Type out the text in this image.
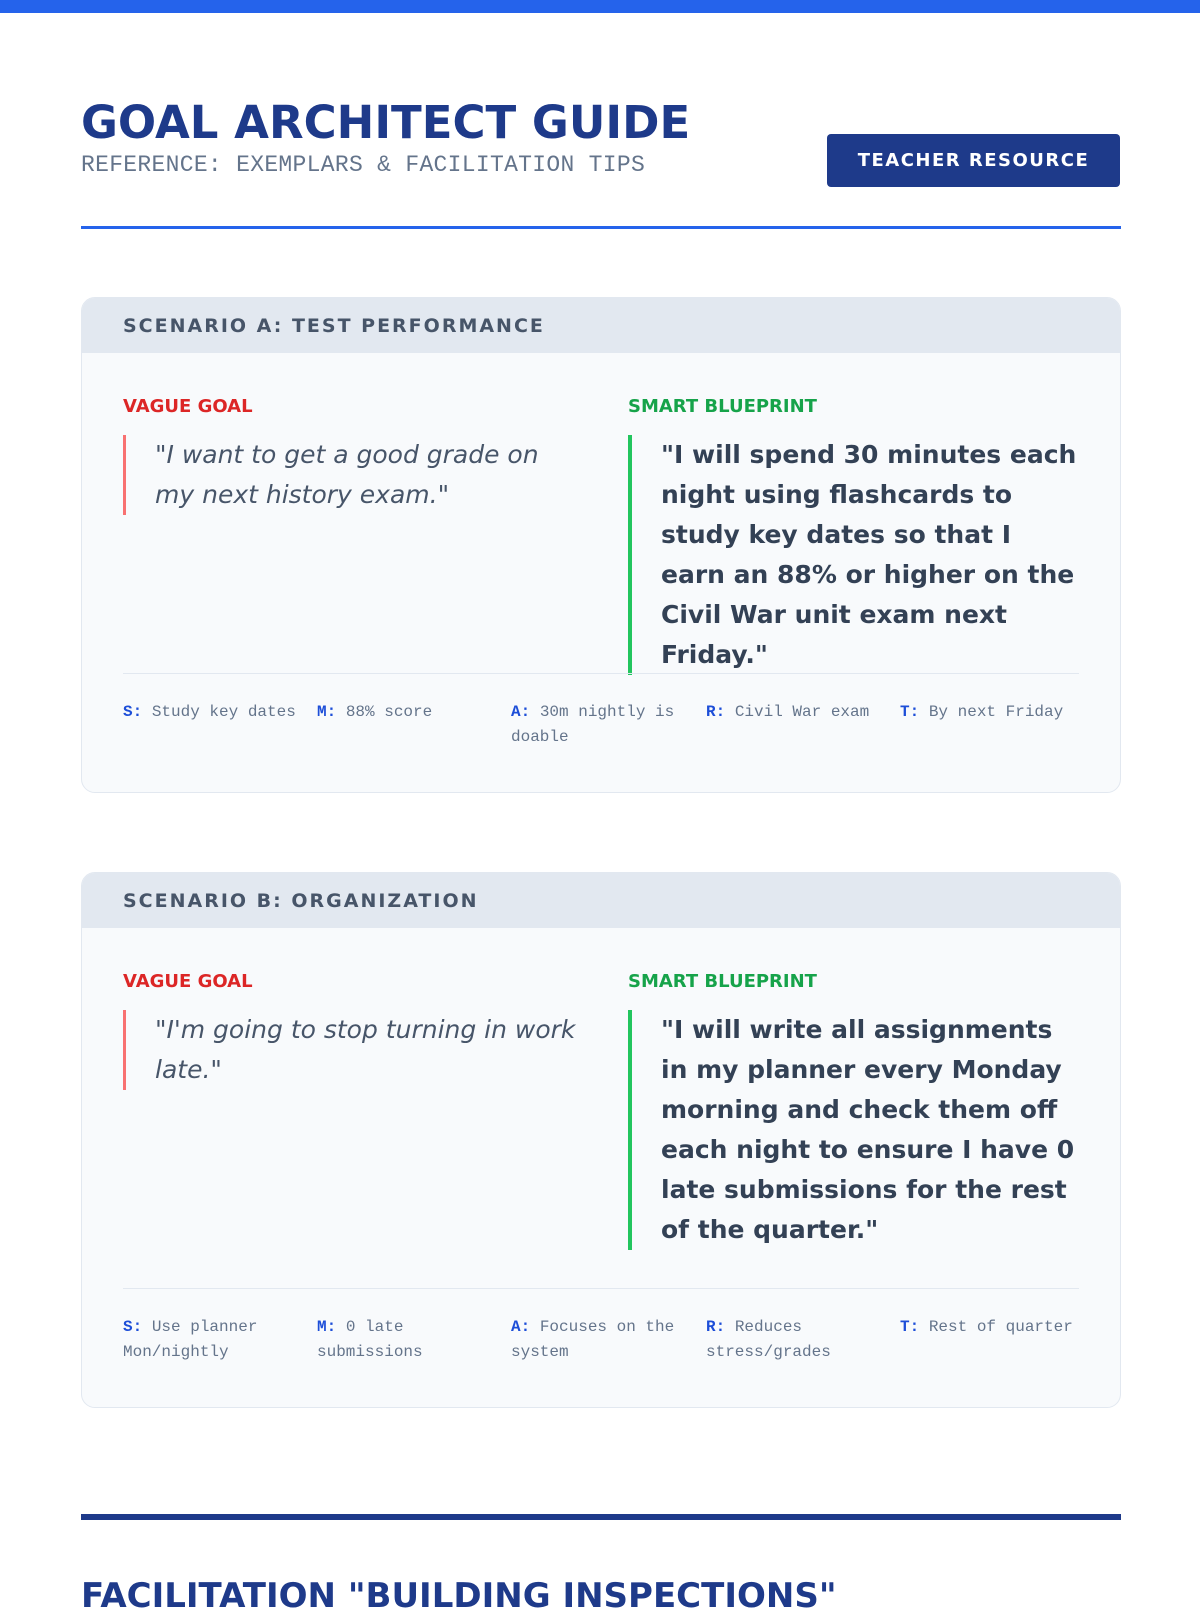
GOAL ARCHITECT GUIDE
REFERENCE: EXEMPLARS & FACILITATION TIPS	TEACHER RESOURCE
SCENARIO A: TEST PERFORMANCE
VAGUE GOAL	SMART BLUEPRINT
"I want to get a good grade on my next history exam."
"I will spend 30 minutes each night using flashcards to study key dates so that I earn an 88% or higher on the Civil War unit exam next Friday."
S: Study key dates	M: 88% score	A: 30m nightly is doable
R: Civil War exam	T: By next Friday
SCENARIO B: ORGANIZATION
VAGUE GOAL	SMART BLUEPRINT
"I'm going to stop turning in work late."
"I will write all assignments in my planner every Monday morning and check them off each night to ensure I have 0 late submissions for the rest of the quarter."
S: Use planner Mon/nightly
M: 0 late submissions
A: Focuses on the system
R: Reduces stress/grades
T: Rest of quarter
FACILITATION "BUILDING INSPECTIONS"
